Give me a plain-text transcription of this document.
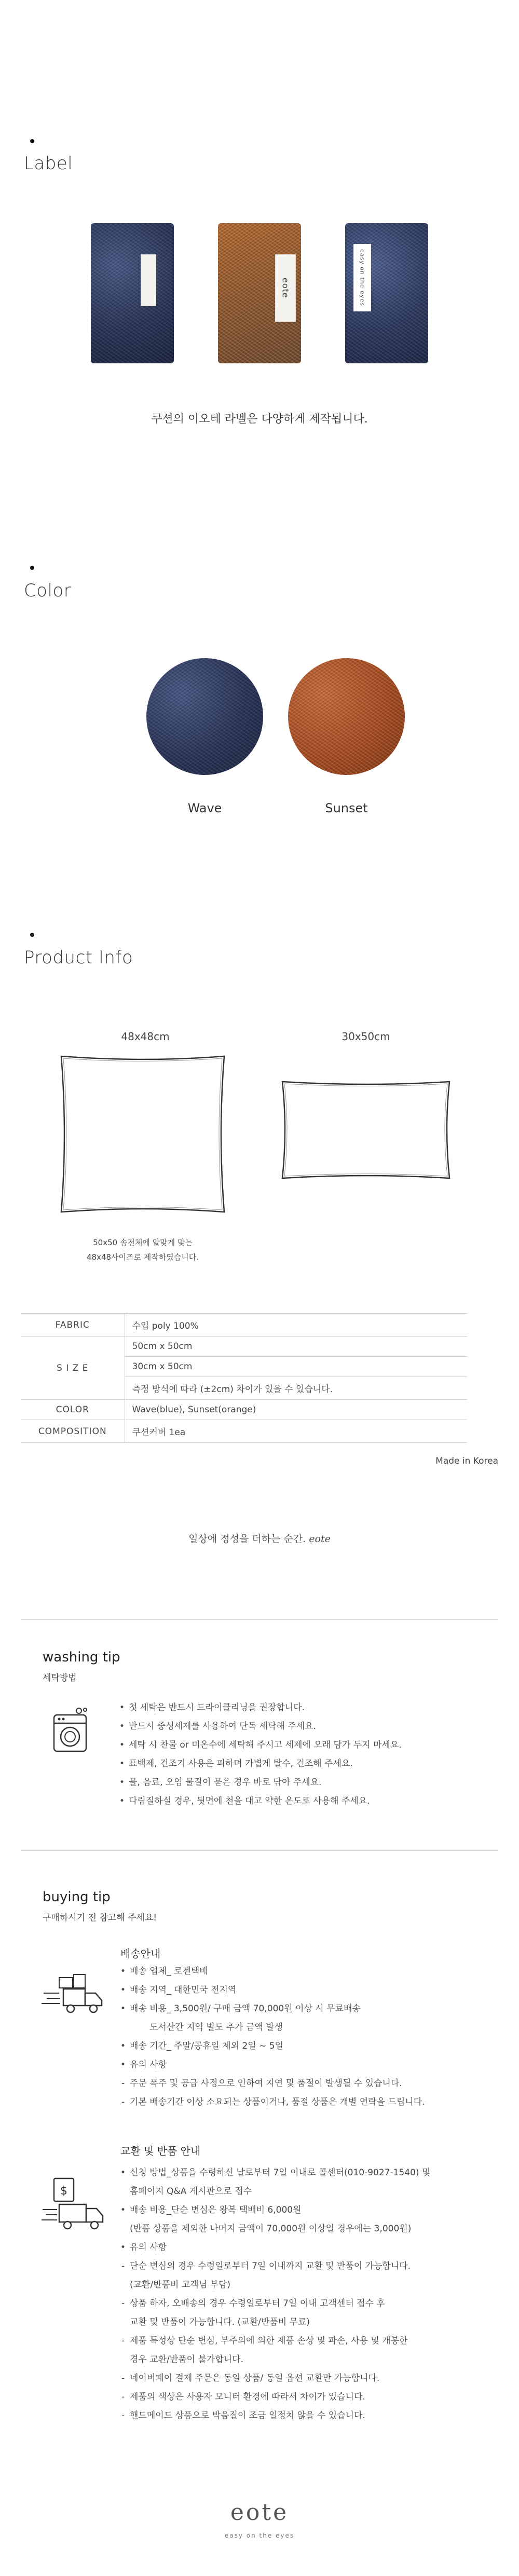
Label
eote	easy on the eyes
쿠션의 이오테 라벨은 다양하게 제작됩니다.
Color
Wave	Sunset
Product Info
48x48cm	30x50cm
50x50 솜전체에 알맞게 맞는
48x48사이즈로 제작하였습니다.
FABRIC	수입 poly 100%
S I Z E	50cm x 50cm
	30cm x 50cm
	측정 방식에 따라 (±2cm) 차이가 있을 수 있습니다.
COLOR	Wave(blue), Sunset(orange)
COMPOSITION	쿠션커버 1ea
Made in Korea
일상에 정성을 더하는 순간. eote
washing tip
세탁방법
• 첫 세탁은 반드시 드라이클리닝을 권장합니다.
• 반드시 중성세제를 사용하여 단독 세탁해 주세요.
• 세탁 시 찬물 or 미온수에 세탁해 주시고 세제에 오래 담가 두지 마세요.
• 표백제, 건조기 사용은 피하며 가볍게 탈수, 건조해 주세요.
• 물, 음료, 오염 물질이 묻은 경우 바로 닦아 주세요.
• 다림질하실 경우, 뒷면에 천을 대고 약한 온도로 사용해 주세요.
buying tip
구매하시기 전 참고해 주세요!
배송안내
• 배송 업체_ 로젠택배
• 배송 지역_ 대한민국 전지역
• 배송 비용_ 3,500원/ 구매 금액 70,000원 이상 시 무료배송
도서산간 지역 별도 추가 금액 발생
• 배송 기간_ 주말/공휴일 제외 2일 ~ 5일
• 유의 사항
- 주문 폭주 및 공급 사정으로 인하여 지연 및 품절이 발생될 수 있습니다.
- 기본 배송기간 이상 소요되는 상품이거나, 품절 상품은 개별 연락을 드립니다.
교환 및 반품 안내
$
• 신청 방법_상품을 수령하신 날로부터 7일 이내로 콜센터(010-9027-1540) 및
홈페이지 Q&A 게시판으로 접수
• 배송 비용_단순 변심은 왕복 택배비 6,000원
(반품 상품을 제외한 나머지 금액이 70,000원 이상일 경우에는 3,000원)
• 유의 사항
- 단순 변심의 경우 수령일로부터 7일 이내까지 교환 및 반품이 가능합니다.
(교환/반품비 고객님 부담)
- 상품 하자, 오배송의 경우 수령일로부터 7일 이내 고객센터 접수 후
교환 및 반품이 가능합니다. (교환/반품비 무료)
- 제품 특성상 단순 변심, 부주의에 의한 제품 손상 및 파손, 사용 및 개봉한
경우 교환/반품이 불가합니다.
- 네이버페이 결제 주문은 동일 상품/ 동일 옵션 교환만 가능합니다.
- 제품의 색상은 사용자 모니터 환경에 따라서 차이가 있습니다.
- 핸드메이드 상품으로 박음질이 조금 일정치 않을 수 있습니다.
eote
easy on the eyes
